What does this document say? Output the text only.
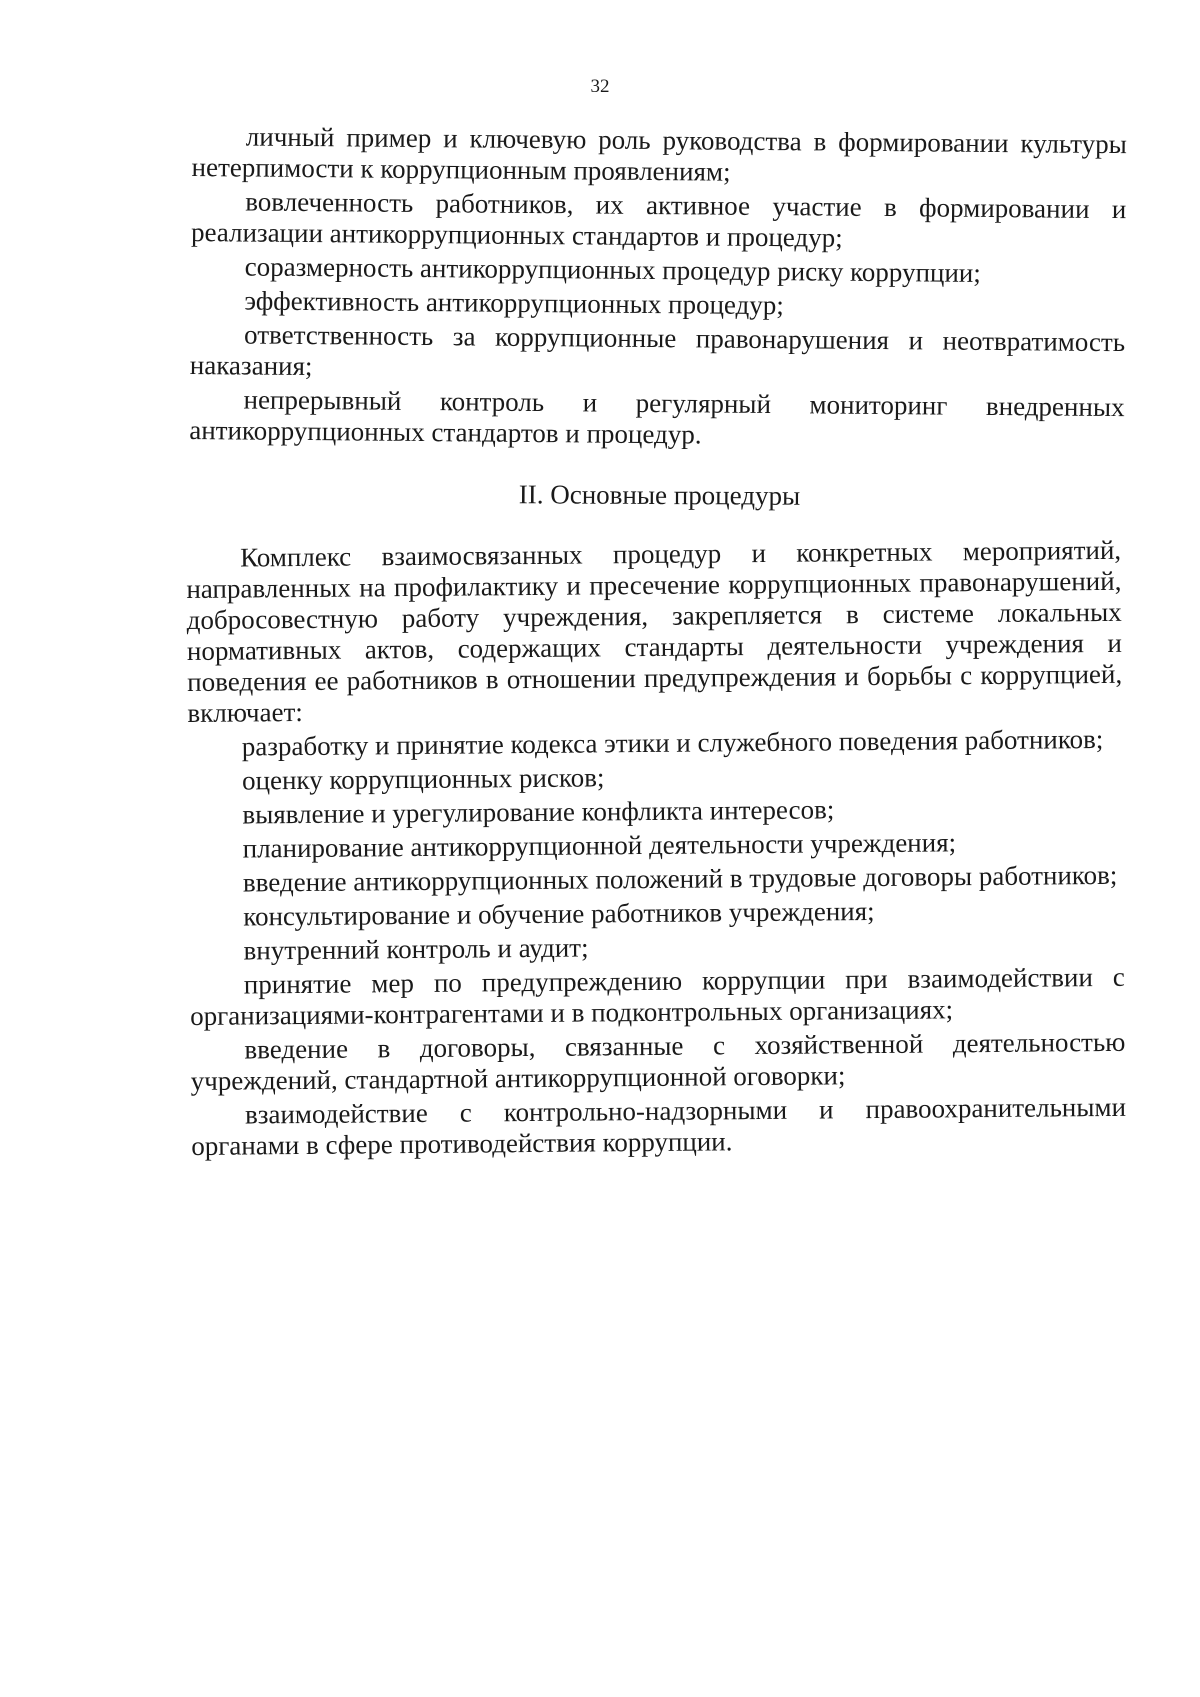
32

личный пример и ключевую роль руководства в формировании культуры нетерпимости к коррупционным проявлениям;

вовлеченность работников, их активное участие в формировании и реализации антикоррупционных стандартов и процедур;

соразмерность антикоррупционных процедур риску коррупции;

эффективность антикоррупционных процедур;

ответственность за коррупционные правонарушения и неотвратимость наказания;

непрерывный контроль и регулярный мониторинг внедренных антикоррупционных стандартов и процедур.

II. Основные процедуры

Комплекс взаимосвязанных процедур и конкретных мероприятий, направленных на профилактику и пресечение коррупционных правонарушений, добросовестную работу учреждения, закрепляется в системе локальных нормативных актов, содержащих стандарты деятельности учреждения и поведения ее работников в отношении предупреждения и борьбы с коррупцией, включает:

разработку и принятие кодекса этики и служебного поведения работников;

оценку коррупционных рисков;

выявление и урегулирование конфликта интересов;

планирование антикоррупционной деятельности учреждения;

введение антикоррупционных положений в трудовые договоры работников;

консультирование и обучение работников учреждения;

внутренний контроль и аудит;

принятие мер по предупреждению коррупции при взаимодействии с организациями-контрагентами и в подконтрольных организациях;

введение в договоры, связанные с хозяйственной деятельностью учреждений, стандартной антикоррупционной оговорки;

взаимодействие с контрольно-надзорными и правоохранительными органами в сфере противодействия коррупции.
